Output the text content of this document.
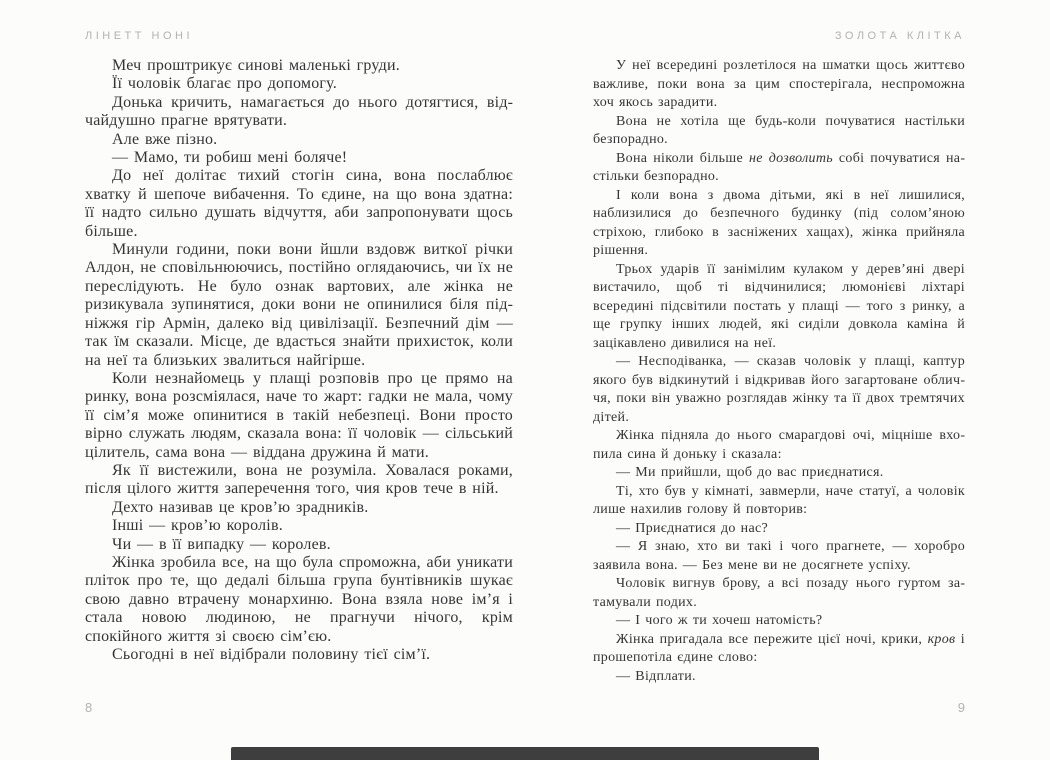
ЛІНЕТТ НОНІ

Меч проштрикує синові маленькі груди.

Її чоловік благає про допомогу.

Донька кричить, намагається до нього дотягтися, відчайдушно прагне врятувати.

Але вже пізно.

— Мамо, ти робиш мені боляче!

До неї долітає тихий стогін сина, вона послаблює хватку й шепоче вибачення. То єдине, на що вона здатна: її надто сильно душать відчуття, аби запропонувати щось більше.

Минули години, поки вони йшли вздовж виткої річки Алдон, не сповільнюючись, постійно оглядаючись, чи їх не переслідують. Не було ознак вартових, але жінка не ризикувала зупинятися, доки вони не опинилися біля підніжжя гір Армін, далеко від цивілізації. Безпечний дім — так їм сказали. Місце, де вдасться знайти прихисток, коли на неї та близьких звалиться найгірше.

Коли незнайомець у плащі розповів про це прямо на ринку, вона розсміялася, наче то жарт: гадки не мала, чому її сім’я може опинитися в такій небезпеці. Вони просто вірно служать людям, сказала вона: її чоловік — сільський цілитель, сама вона — віддана дружина й мати.

Як її вистежили, вона не розуміла. Ховалася роками, після цілого життя заперечення того, чия кров тече в ній.

Дехто називав це кров’ю зрадників.

Інші — кров’ю королів.

Чи — в її випадку — королев.

Жінка зробила все, на що була спроможна, аби уникати пліток про те, що дедалі більша група бунтівників шукає свою давно втрачену монархиню. Вона взяла нове ім’я і стала новою людиною, не прагнучи нічого, крім спокійного життя зі своєю сім’єю.

Сьогодні в неї відібрали половину тієї сім’ї.

8
ЗОЛОТА КЛІТКА

У неї всередині розлетілося на шматки щось життєво важливе, поки вона за цим спостерігала, неспроможна хоч якось зарадити.

Вона не хотіла ще будь-коли почуватися настільки безпорадно.

Вона ніколи більше не дозволить собі почуватися настільки безпорадно.

І коли вона з двома дітьми, які в неї лишилися, наблизилися до безпечного будинку (під солом’яною стріхою, глибоко в засніжених хащах), жінка прийняла рішення.

Трьох ударів її занімілим кулаком у дерев’яні двері вистачило, щоб ті відчинилися; люмонієві ліхтарі всередині підсвітили постать у плащі — того з ринку, а ще групку інших людей, які сиділи довкола каміна й зацікавлено дивилися на неї.

— Несподіванка, — сказав чоловік у плащі, каптур якого був відкинутий і відкривав його загартоване обличчя, поки він уважно розглядав жінку та її двох тремтячих дітей.

Жінка підняла до нього смарагдові очі, міцніше вхопила сина й доньку і сказала:

— Ми прийшли, щоб до вас приєднатися.

Ті, хто був у кімнаті, завмерли, наче статуї, а чоловік лише нахилив голову й повторив:

— Приєднатися до нас?

— Я знаю, хто ви такі і чого прагнете, — хоробро заявила вона. — Без мене ви не досягнете успіху.

Чоловік вигнув брову, а всі позаду нього гуртом затамували подих.

— І чого ж ти хочеш натомість?

Жінка пригадала все пережите цієї ночі, крики, кров і прошепотіла єдине слово:

— Відплати.

9
